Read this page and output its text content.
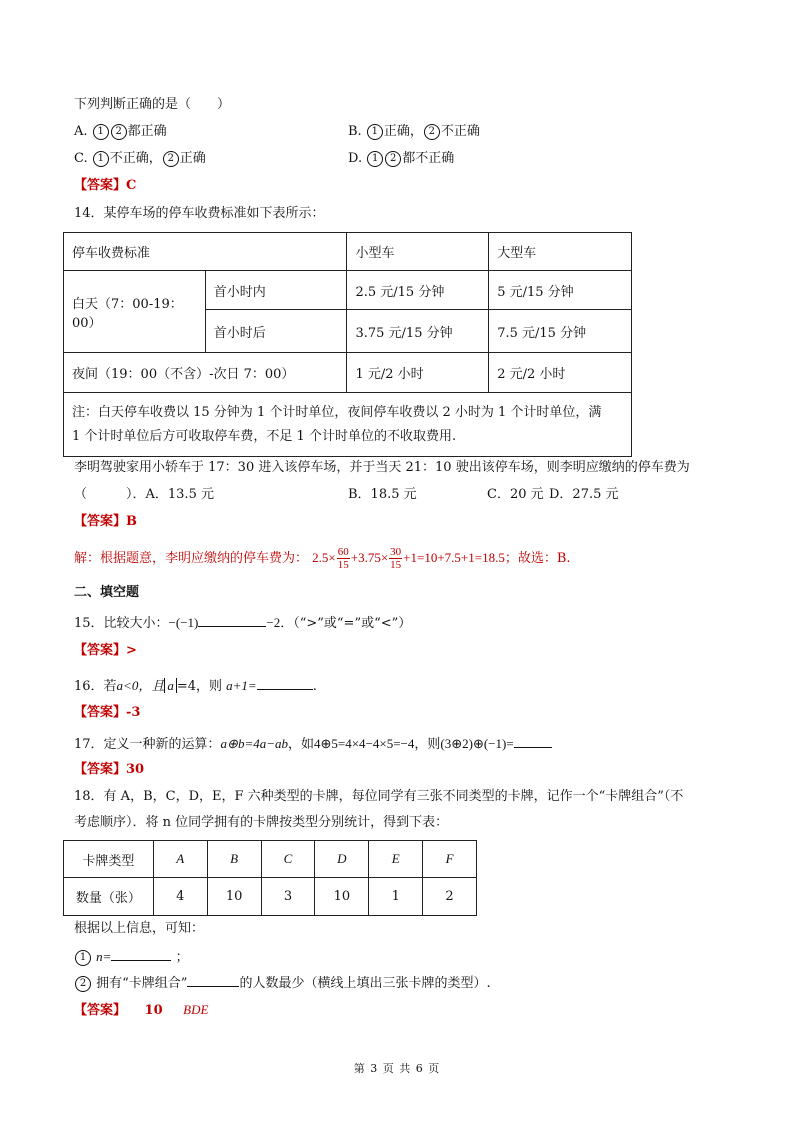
下列判断正确的是（　　）
A. 1 2 都正确	B. 1 正确， 2 不正确
C. 1 不正确， 2 正确	D. 1 2 都不正确
【答案】C
14．某停车场的停车收费标准如下表所示：
停车收费标准		小型车	大型车
白天（7：00-19：00）	首小时内	2.5 元/15 分钟	5 元/15 分钟
	首小时后	3.75 元/15 分钟	7.5 元/15 分钟
夜间（19：00（不含）-次日 7：00）		1 元/2 小时	2 元/2 小时

注：白天停车收费以 15 分钟为 1 个计时单位，夜间停车收费以 2 小时为 1 个计时单位，满
1 个计时单位后方可收取停车费，不足 1 个计时单位的不收取费用.			
李明驾驶家用小轿车于 17：30 进入该停车场，并于当天 21：10 驶出该停车场，则李明应缴纳的停车费为
（　　　）．A．13.5 元	B．18.5 元	C．20 元 D．27.5 元
【答案】B
解：根据题意，李明应缴纳的停车费为： $2.5\times \frac{60}{15} +3.75\times \frac{30}{15} +1=10+7.5+1=18.5$；故选：B.
二、填空题
15．比较大小：−(−1)	−2．（“>”或“=”或“<”）
【答案】>
16．若a<0，且 a =4，则 a+1=	.
【答案】-3
17．定义一种新的运算：a⊕b=4a−ab，如4⊕5=4×4−4×5=−4，则(3⊕2)⊕(−1)=
【答案】30
18．有 A，B，C，D，E，F 六种类型的卡牌，每位同学有三张不同类型的卡牌，记作一个“卡牌组合”（不
考虑顺序）．将 n 位同学拥有的卡牌按类型分别统计，得到下表：
卡牌类型	A	B	C	D	E	F
数量（张）	4	10	3	10	1	2
根据以上信息，可知：
1 n=	；
2 拥有“卡牌组合”	的人数最少（横线上填出三张卡牌的类型）.
【答案】 10 BDE
第 3 页 共 6 页
